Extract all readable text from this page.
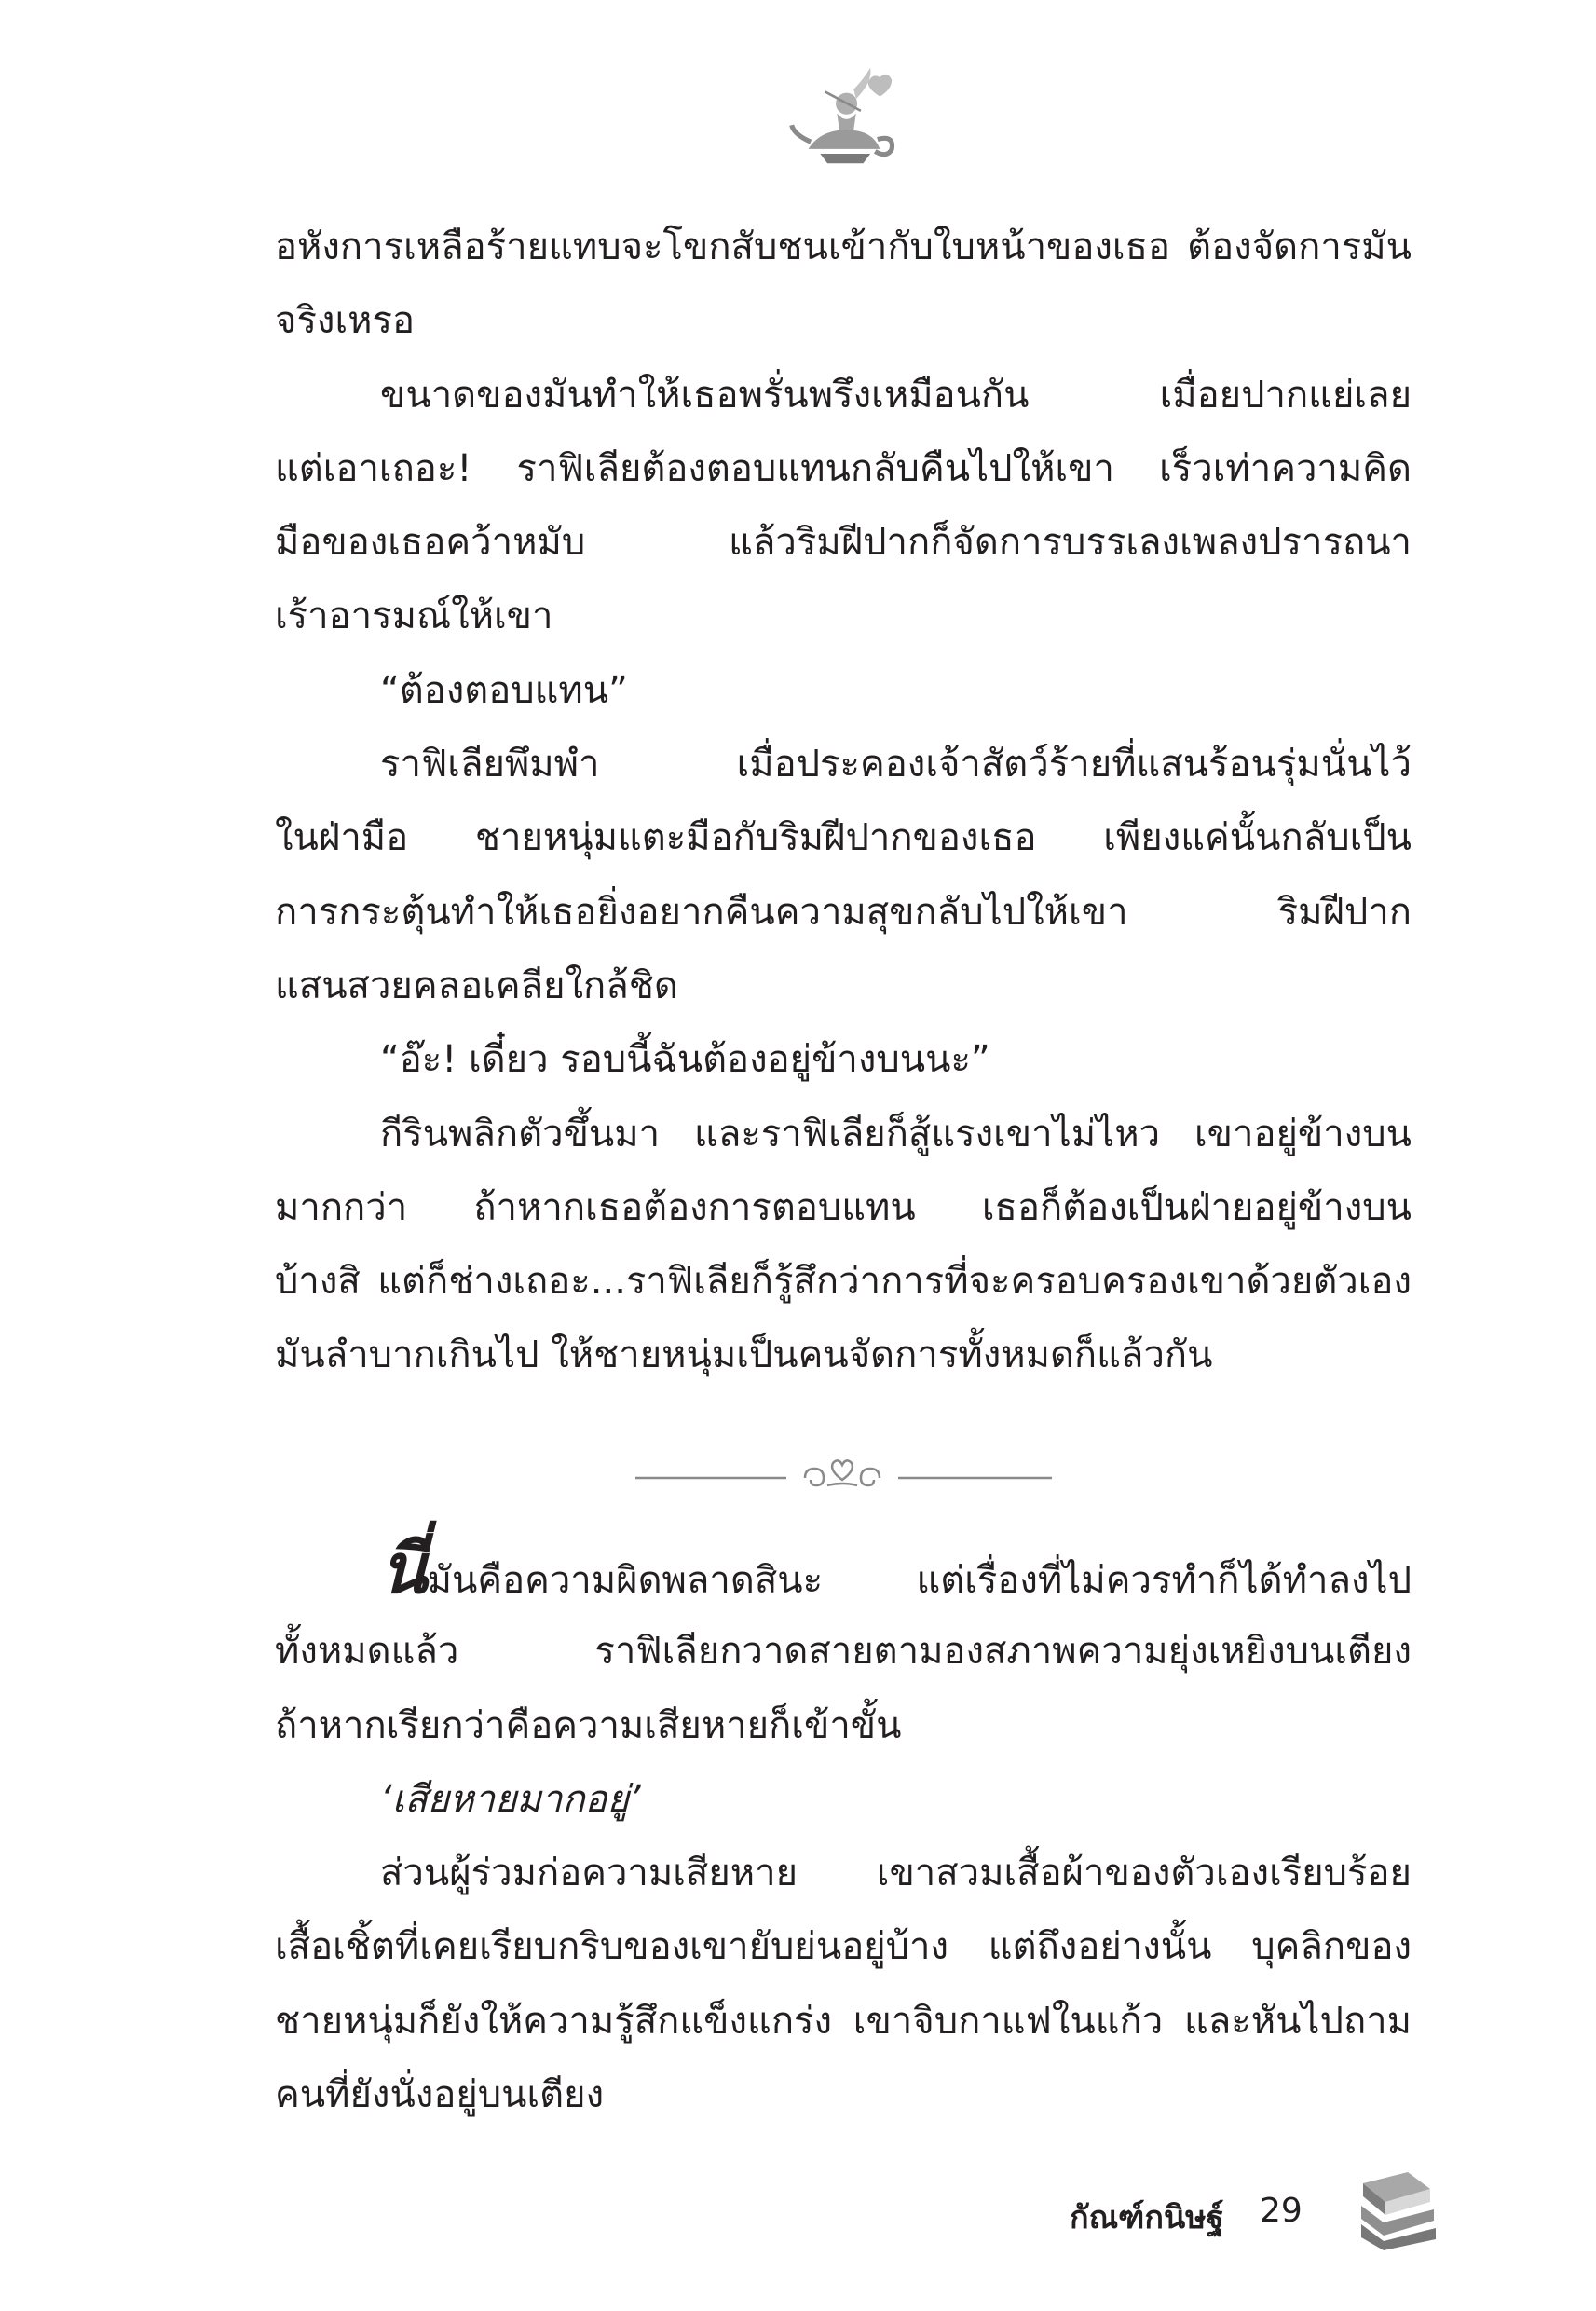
อหังการเหลือร้ายแทบจะโขกสับชนเข้ากับใบหน้าของเธอ ต้องจัดการมัน
จริงเหรอ
ขนาดของมันทำให้เธอพรั่นพรึงเหมือนกัน เมื่อยปากแย่เลย
แต่เอาเถอะ! ราฟิเลียต้องตอบแทนกลับคืนไปให้เขา เร็วเท่าความคิด
มือของเธอคว้าหมับ แล้วริมฝีปากก็จัดการบรรเลงเพลงปรารถนา
เร้าอารมณ์ให้เขา
“ต้องตอบแทน”
ราฟิเลียพึมพำ เมื่อประคองเจ้าสัตว์ร้ายที่แสนร้อนรุ่มนั่นไว้
ในฝ่ามือ ชายหนุ่มแตะมือกับริมฝีปากของเธอ เพียงแค่นั้นกลับเป็น
การกระตุ้นทำให้เธอยิ่งอยากคืนความสุขกลับไปให้เขา ริมฝีปาก
แสนสวยคลอเคลียใกล้ชิด
“อ๊ะ! เดี๋ยว รอบนี้ฉันต้องอยู่ข้างบนนะ”
กีรินพลิกตัวขึ้นมา และราฟิเลียก็สู้แรงเขาไม่ไหว เขาอยู่ข้างบน
มากกว่า ถ้าหากเธอต้องการตอบแทน เธอก็ต้องเป็นฝ่ายอยู่ข้างบน
บ้างสิ แต่ก็ช่างเถอะ...ราฟิเลียก็รู้สึกว่าการที่จะครอบครองเขาด้วยตัวเอง
มันลำบากเกินไป ให้ชายหนุ่มเป็นคนจัดการทั้งหมดก็แล้วกัน
นี่มันคือความผิดพลาดสินะ แต่เรื่องที่ไม่ควรทำก็ได้ทำลงไป
ทั้งหมดแล้ว ราฟิเลียกวาดสายตามองสภาพความยุ่งเหยิงบนเตียง
ถ้าหากเรียกว่าคือความเสียหายก็เข้าขั้น
‘เสียหายมากอยู่’
ส่วนผู้ร่วมก่อความเสียหาย เขาสวมเสื้อผ้าของตัวเองเรียบร้อย
เสื้อเชิ้ตที่เคยเรียบกริบของเขายับย่นอยู่บ้าง แต่ถึงอย่างนั้น บุคลิกของ
ชายหนุ่มก็ยังให้ความรู้สึกแข็งแกร่ง เขาจิบกาแฟในแก้ว และหันไปถาม
คนที่ยังนั่งอยู่บนเตียง
กัณฑ์กนิษฐ์ 29
